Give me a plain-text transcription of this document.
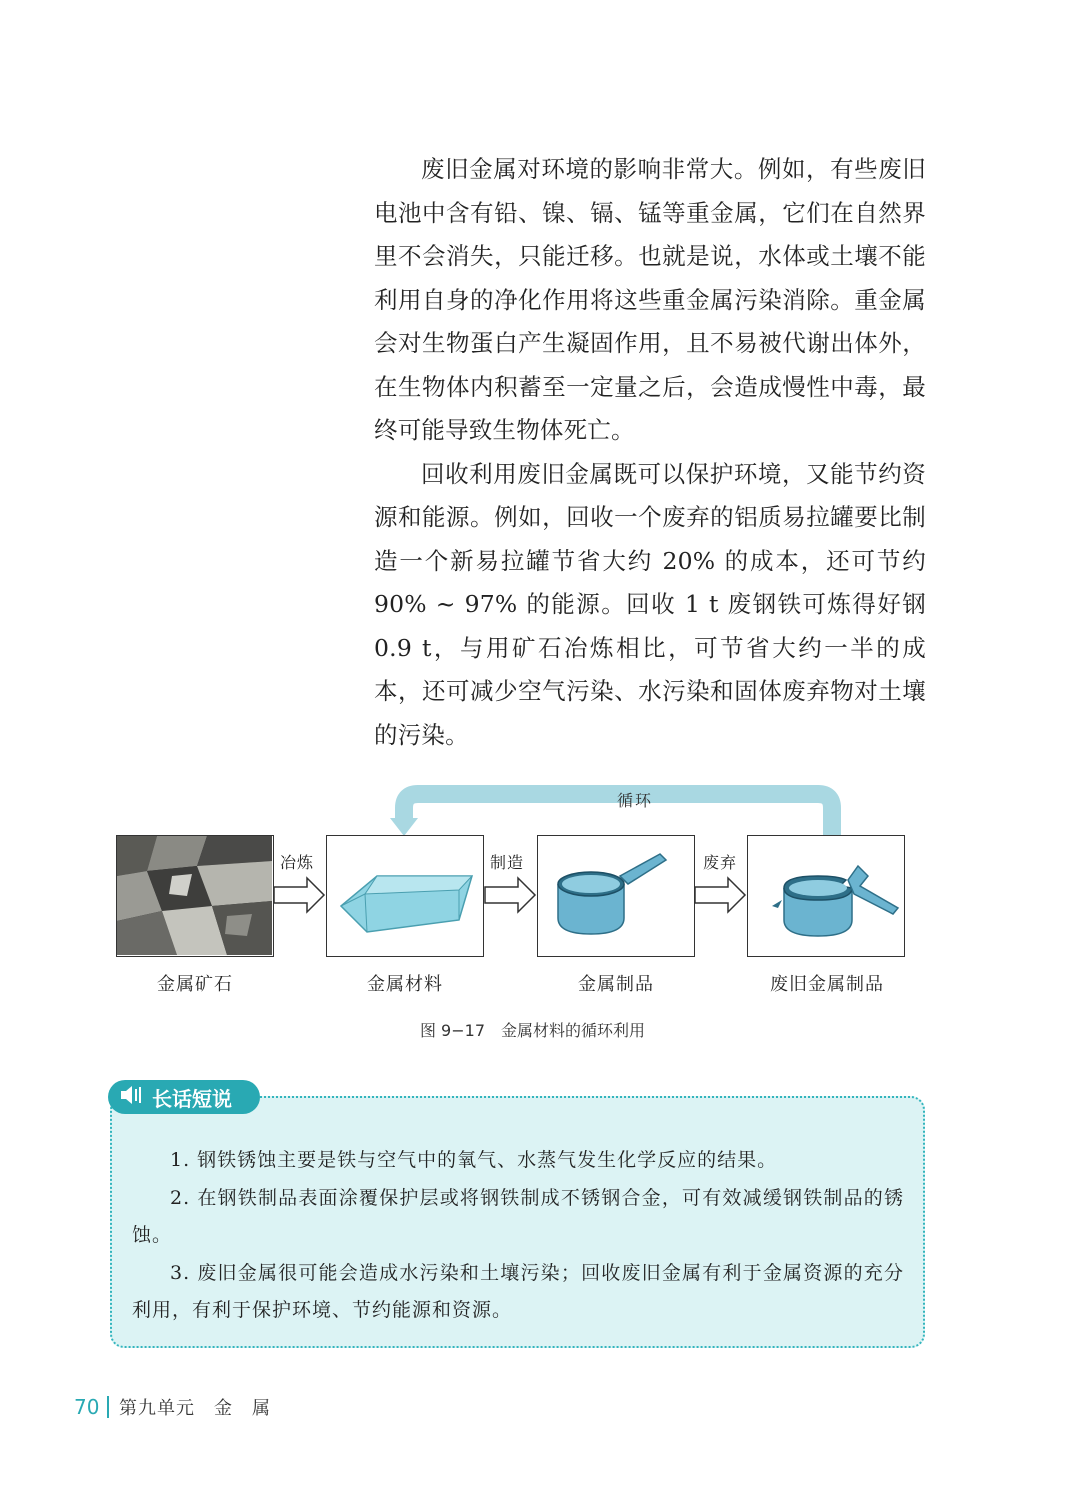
废旧金属对环境的影响非常大。例如，有些废旧电池中含有铅、镍、镉、锰等重金属，它们在自然界里不会消失，只能迁移。也就是说，水体或土壤不能利用自身的净化作用将这些重金属污染消除。重金属会对生物蛋白产生凝固作用，且不易被代谢出体外，在生物体内积蓄至一定量之后，会造成慢性中毒，最终可能导致生物体死亡。

回收利用废旧金属既可以保护环境，又能节约资源和能源。例如，回收一个废弃的铝质易拉罐要比制造一个新易拉罐节省大约 20% 的成本，还可节约 90% ~ 97% 的能源。回收 1 t 废钢铁可炼得好钢 0.9 t，与用矿石冶炼相比，可节省大约一半的成本，还可减少空气污染、水污染和固体废弃物对土壤的污染。

循环
冶炼	制造	废弃
金属矿石	金属材料	金属制品	废旧金属制品
图 9−17　金属材料的循环利用
长话短说

1. 钢铁锈蚀主要是铁与空气中的氧气、水蒸气发生化学反应的结果。

2. 在钢铁制品表面涂覆保护层或将钢铁制成不锈钢合金，可有效减缓钢铁制品的锈蚀。

3. 废旧金属很可能会造成水污染和土壤污染；回收废旧金属有利于金属资源的充分利用，有利于保护环境、节约能源和资源。

70 第九单元　金　属
